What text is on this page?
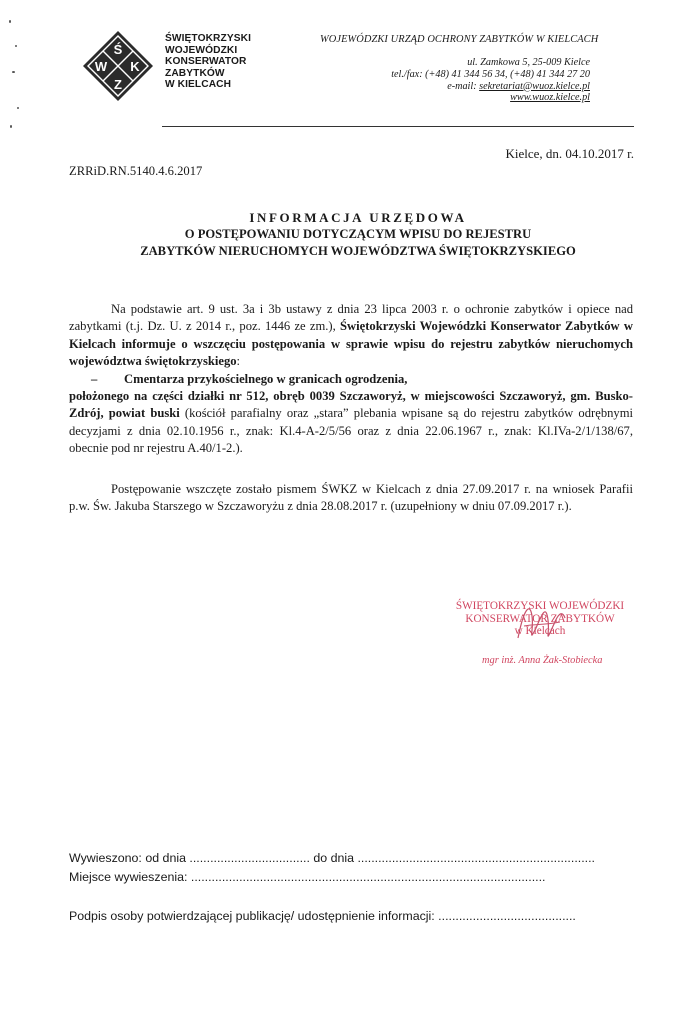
Ś
W K
Z
ŚWIĘTOKRZYSKI
WOJEWÓDZKI
KONSERWATOR
ZABYTKÓW
W KIELCACH
WOJEWÓDZKI URZĄD OCHRONY ZABYTKÓW W KIELCACH
ul. Zamkowa 5, 25-009 Kielce
tel./fax: (+48) 41 344 56 34, (+48) 41 344 27 20
e-mail: sekretariat@wuoz.kielce.pl
www.wuoz.kielce.pl
Kielce, dn. 04.10.2017 r.
ZRRiD.RN.5140.4.6.2017
INFORMACJA URZĘDOWA
O POSTĘPOWANIU DOTYCZĄCYM WPISU DO REJESTRU
ZABYTKÓW NIERUCHOMYCH WOJEWÓDZTWA ŚWIĘTOKRZYSKIEGO
Na podstawie art. 9 ust. 3a i 3b ustawy z dnia 23 lipca 2003 r. o ochronie zabytków i opiece nad zabytkami (t.j. Dz. U. z 2014 r., poz. 1446 ze zm.), Świętokrzyski Wojewódzki Konserwator Zabytków w Kielcach informuje o wszczęciu postępowania w sprawie wpisu do rejestru zabytków nieruchomych województwa świętokrzyskiego:
– Cmentarza przykościelnego w granicach ogrodzenia,
położonego na części działki nr 512, obręb 0039 Szczaworyż, w miejscowości Szczaworyż, gm. Busko-Zdrój, powiat buski (kościół parafialny oraz „stara” plebania wpisane są do rejestru zabytków odrębnymi decyzjami z dnia 02.10.1956 r., znak: Kl.4-A-2/5/56 oraz z dnia 22.06.1967 r., znak: Kl.IVa-2/1/138/67, obecnie pod nr rejestru A.40/1-2.).
Postępowanie wszczęte zostało pismem ŚWKZ w Kielcach z dnia 27.09.2017 r. na wniosek Parafii p.w. Św. Jakuba Starszego w Szczaworyżu z dnia 28.08.2017 r. (uzupełniony w dniu 07.09.2017 r.).
ŚWIĘTOKRZYSKI WOJEWÓDZKI
KONSERWATOR ZABYTKÓW
w Kielcach
mgr inż. Anna Żak-Stobiecka
Wywieszono: od dnia ................................... do dnia .....................................................................
Miejsce wywieszenia: .......................................................................................................
Podpis osoby potwierdzającej publikację/ udostępnienie informacji: ........................................
